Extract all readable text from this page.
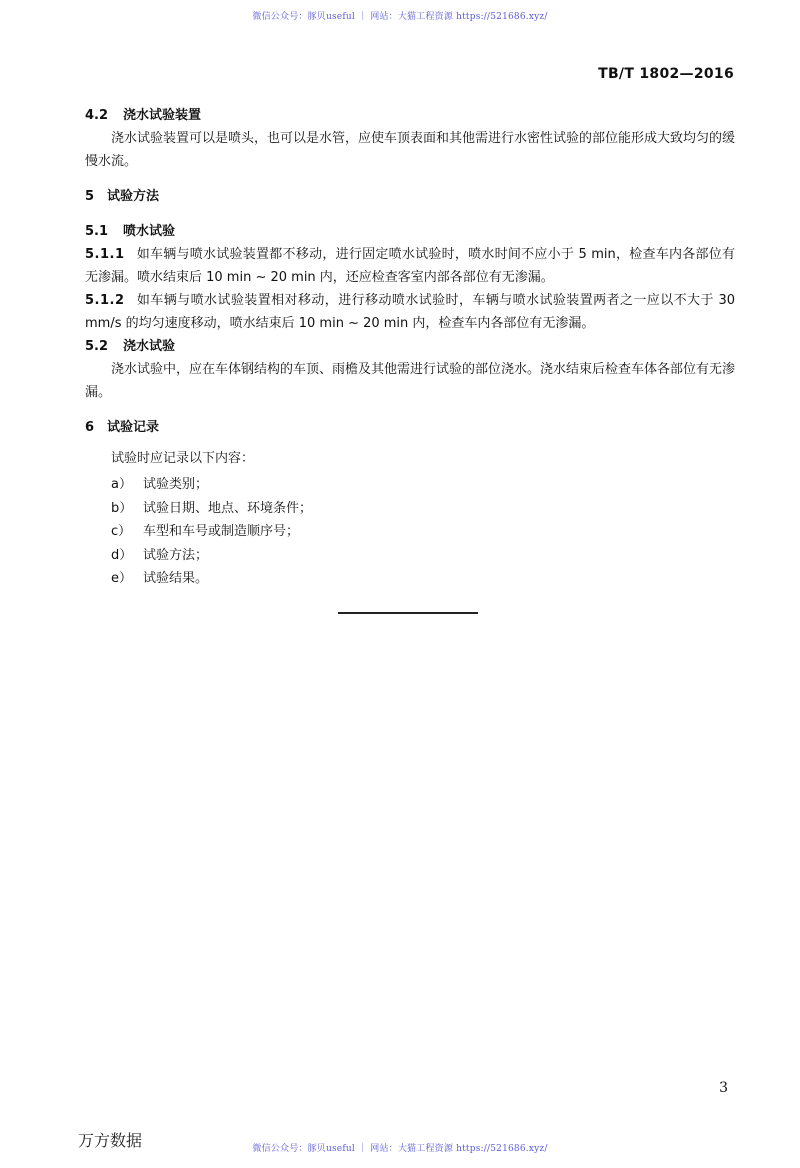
微信公众号：豚贝useful ｜ 网站：大猫工程资源 https://521686.xyz/
TB/T 1802—2016

4.2 浇水试验装置

浇水试验装置可以是喷头，也可以是水管，应使车顶表面和其他需进行水密性试验的部位能形成大致均匀的缓慢水流。

5 试验方法

5.1 喷水试验

5.1.1 如车辆与喷水试验装置都不移动，进行固定喷水试验时，喷水时间不应小于 5 min，检查车内各部位有无渗漏。喷水结束后 10 min ~ 20 min 内，还应检查客室内部各部位有无渗漏。

5.1.2 如车辆与喷水试验装置相对移动，进行移动喷水试验时，车辆与喷水试验装置两者之一应以不大于 30 mm/s 的均匀速度移动，喷水结束后 10 min ~ 20 min 内，检查车内各部位有无渗漏。

5.2 浇水试验

浇水试验中，应在车体钢结构的车顶、雨檐及其他需进行试验的部位浇水。浇水结束后检查车体各部位有无渗漏。

6 试验记录

试验时应记录以下内容：

a） 试验类别；

b） 试验日期、地点、环境条件；

c） 车型和车号或制造顺序号；

d） 试验方法；

e） 试验结果。

3
万方数据	微信公众号：豚贝useful ｜ 网站：大猫工程资源 https://521686.xyz/
